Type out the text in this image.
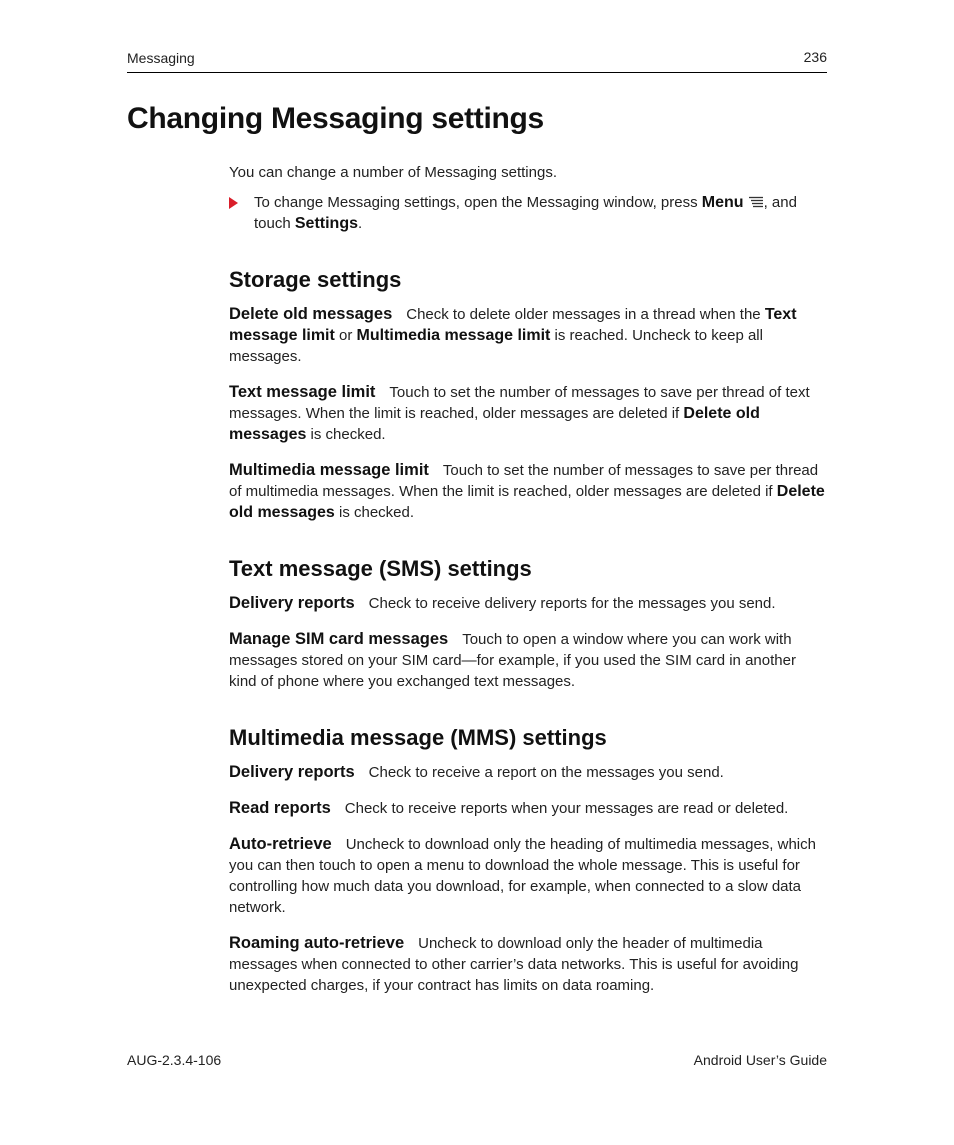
Messaging	236
Changing Messaging settings

You can change a number of Messaging settings.

To change Messaging settings, open the Messaging window, press Menu , and touch Settings.

Storage settings

Delete old messages Check to delete older messages in a thread when the Text message limit or Multimedia message limit is reached. Uncheck to keep all messages.

Text message limit Touch to set the number of messages to save per thread of text messages. When the limit is reached, older messages are deleted if Delete old messages is checked.

Multimedia message limit Touch to set the number of messages to save per thread of multimedia messages. When the limit is reached, older messages are deleted if Delete old messages is checked.

Text message (SMS) settings

Delivery reports Check to receive delivery reports for the messages you send.

Manage SIM card messages Touch to open a window where you can work with messages stored on your SIM card—for example, if you used the SIM card in another kind of phone where you exchanged text messages.

Multimedia message (MMS) settings

Delivery reports Check to receive a report on the messages you send.

Read reports Check to receive reports when your messages are read or deleted.

Auto-retrieve Uncheck to download only the heading of multimedia messages, which you can then touch to open a menu to download the whole message. This is useful for controlling how much data you download, for example, when connected to a slow data network.

Roaming auto-retrieve Uncheck to download only the header of multimedia messages when connected to other carrier’s data networks. This is useful for avoiding unexpected charges, if your contract has limits on data roaming.

AUG-2.3.4-106	Android User’s Guide
